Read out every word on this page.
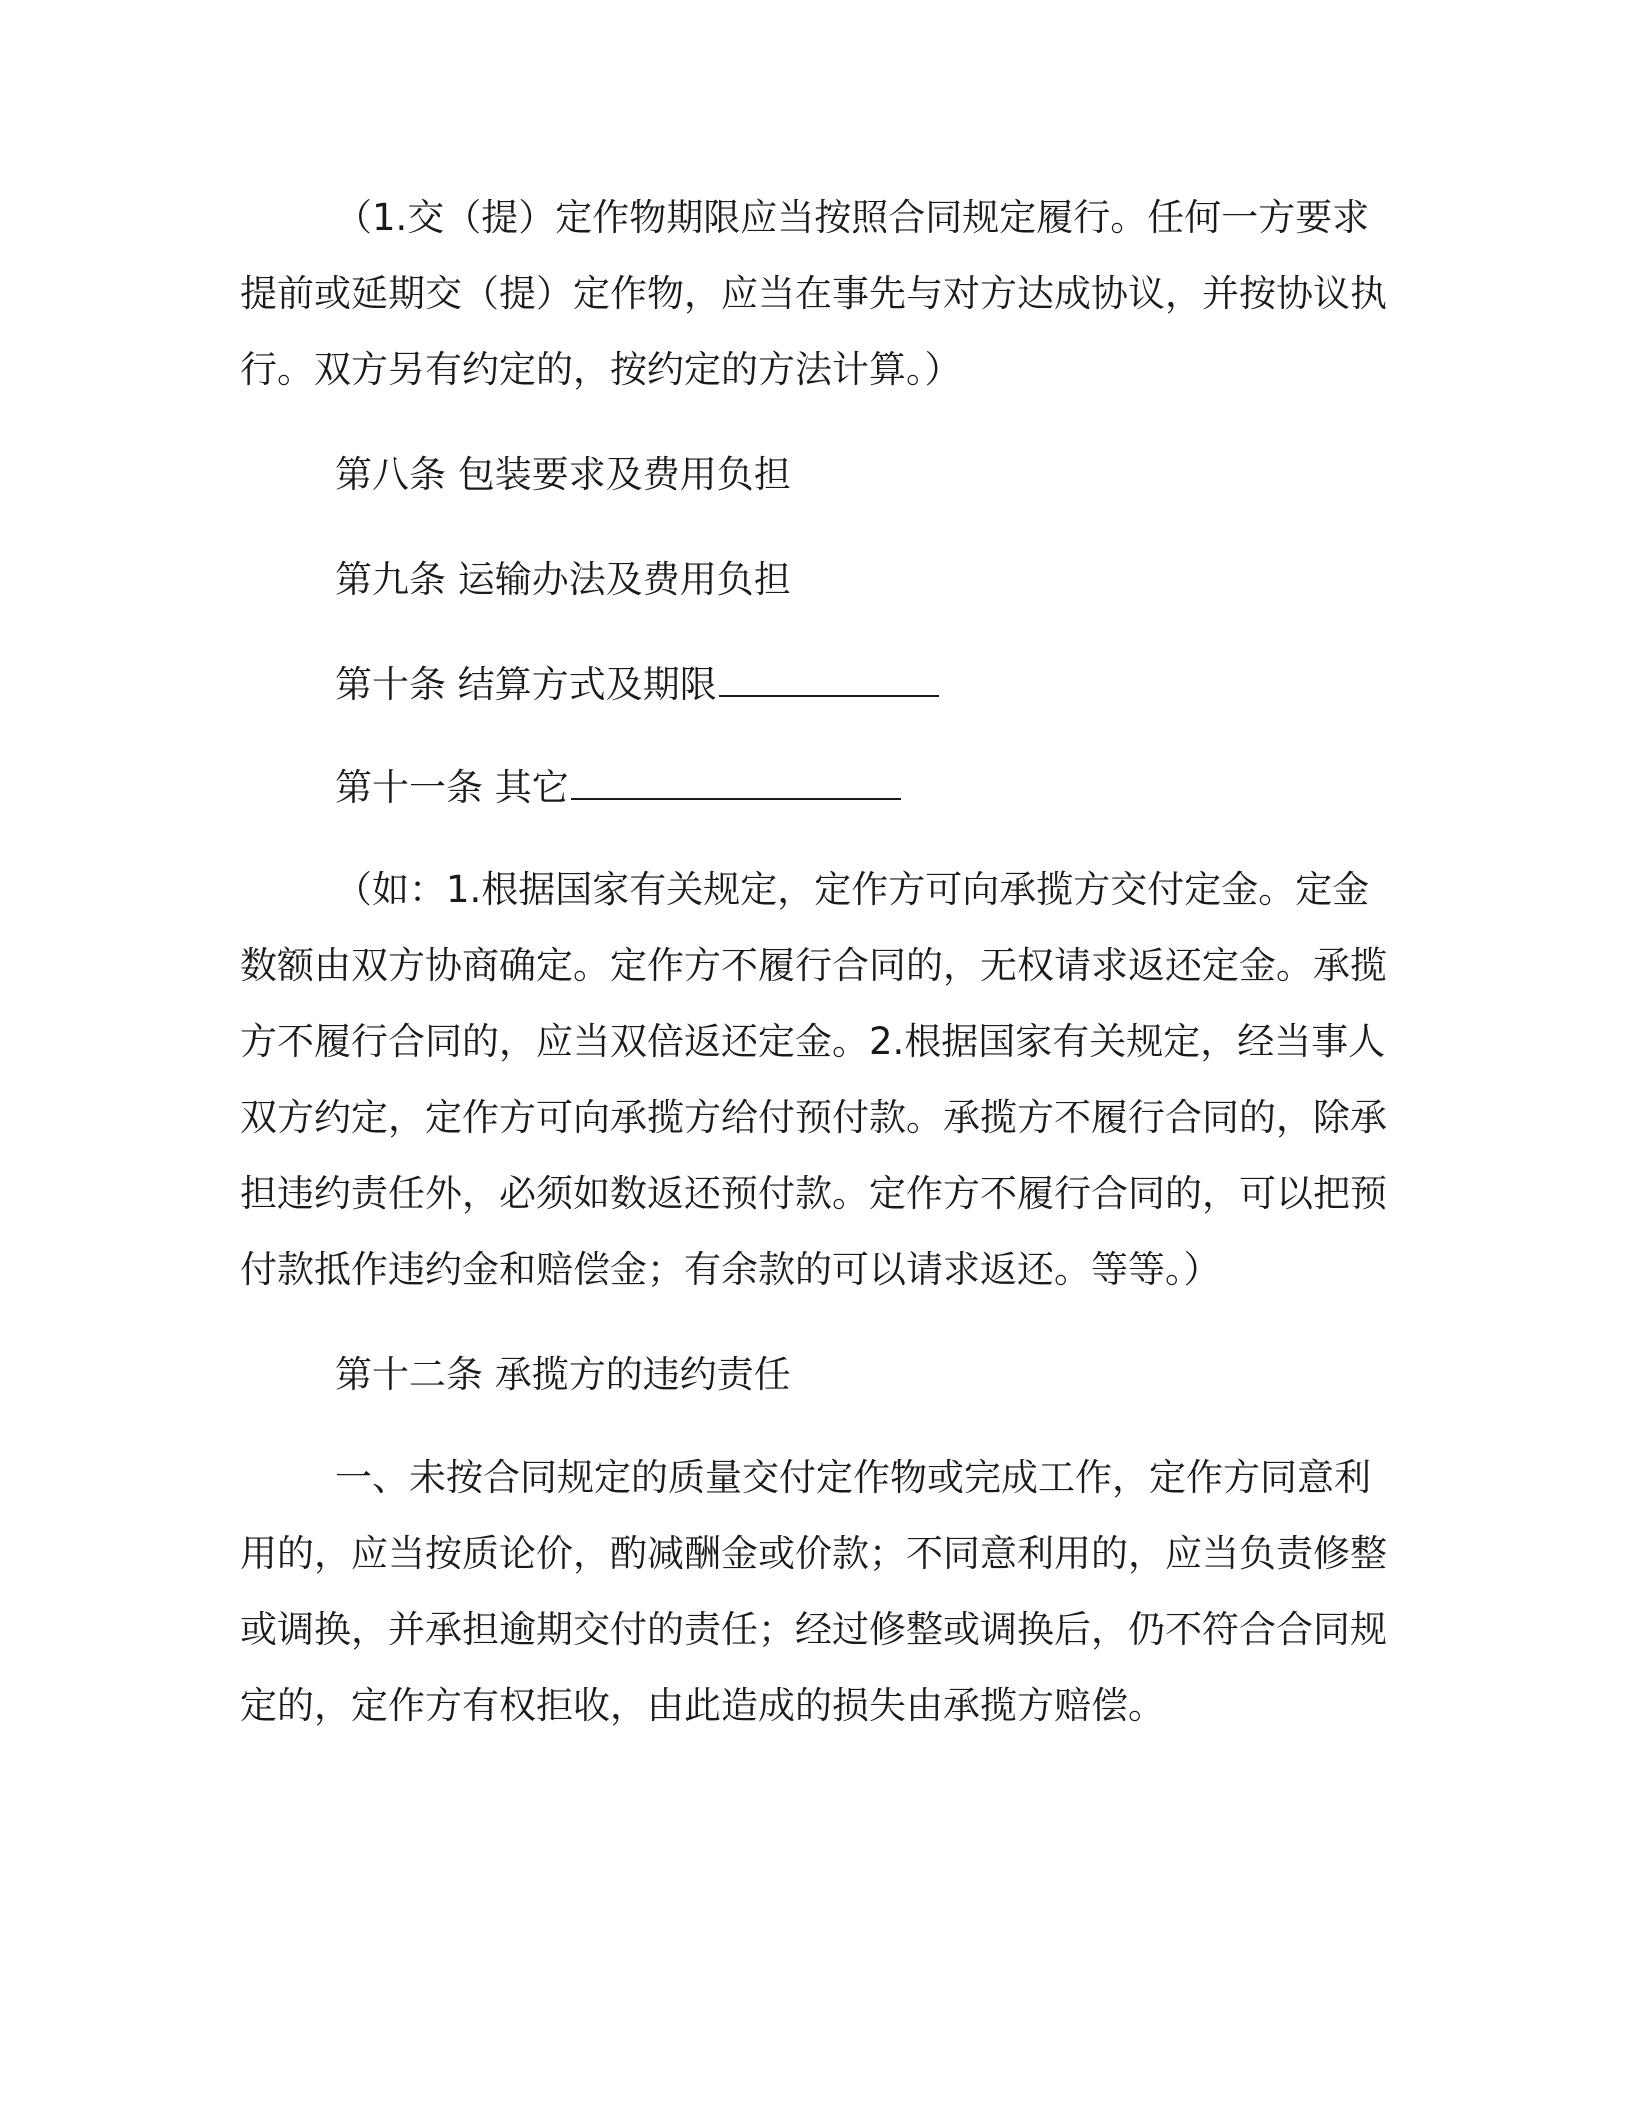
（1.交（提）定作物期限应当按照合同规定履行。任何一方要求提前或延期交（提）定作物，应当在事先与对方达成协议，并按协议执行。双方另有约定的，按约定的方法计算。）

第八条 包装要求及费用负担

第九条 运输办法及费用负担

第十条 结算方式及期限

第十一条 其它

（如：1.根据国家有关规定，定作方可向承揽方交付定金。定金数额由双方协商确定。定作方不履行合同的，无权请求返还定金。承揽方不履行合同的，应当双倍返还定金。2.根据国家有关规定，经当事人双方约定，定作方可向承揽方给付预付款。承揽方不履行合同的，除承担违约责任外，必须如数返还预付款。定作方不履行合同的，可以把预付款抵作违约金和赔偿金；有余款的可以请求返还。等等。）

第十二条 承揽方的违约责任

一、未按合同规定的质量交付定作物或完成工作，定作方同意利用的，应当按质论价，酌减酬金或价款；不同意利用的，应当负责修整或调换，并承担逾期交付的责任；经过修整或调换后，仍不符合合同规定的，定作方有权拒收，由此造成的损失由承揽方赔偿。
